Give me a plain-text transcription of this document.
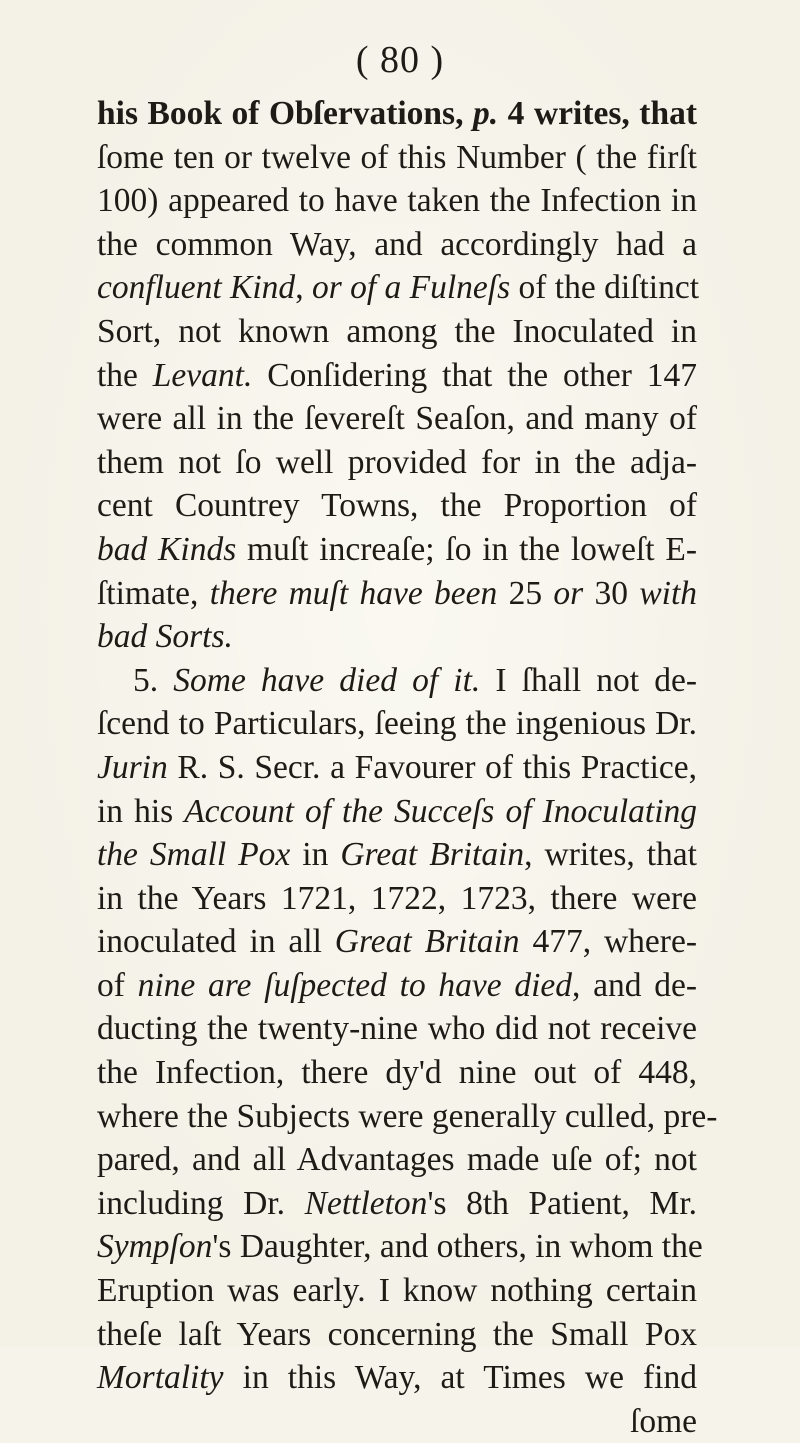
( 80 )
his Book of Obſervations, p. 4 writes, that
ſome ten or twelve of this Number ( the firſt
100) appeared to have taken the Infection in
the common Way, and accordingly had a
confluent Kind, or of a Fulneſs of the diſtinct
Sort, not known among the Inoculated in
the Levant. Conſidering that the other 147
were all in the ſevereſt Seaſon, and many of
them not ſo well provided for in the adja-
cent Countrey Towns, the Proportion of
bad Kinds muſt increaſe; ſo in the loweſt E-
ſtimate, there muſt have been 25 or 30 with
bad Sorts.
5. Some have died of it. I ſhall not de-
ſcend to Particulars, ſeeing the ingenious Dr.
Jurin R. S. Secr. a Favourer of this Practice,
in his Account of the Succeſs of Inoculating
the Small Pox in Great Britain, writes, that
in the Years 1721, 1722, 1723, there were
inoculated in all Great Britain 477, where-
of nine are ſuſpected to have died, and de-
ducting the twenty-nine who did not receive
the Infection, there dy'd nine out of 448,
where the Subjects were generally culled, pre-
pared, and all Advantages made uſe of; not
including Dr. Nettleton's 8th Patient, Mr.
Sympſon's Daughter, and others, in whom the
Eruption was early. I know nothing certain
theſe laſt Years concerning the Small Pox
Mortality in this Way, at Times we find
ſome
